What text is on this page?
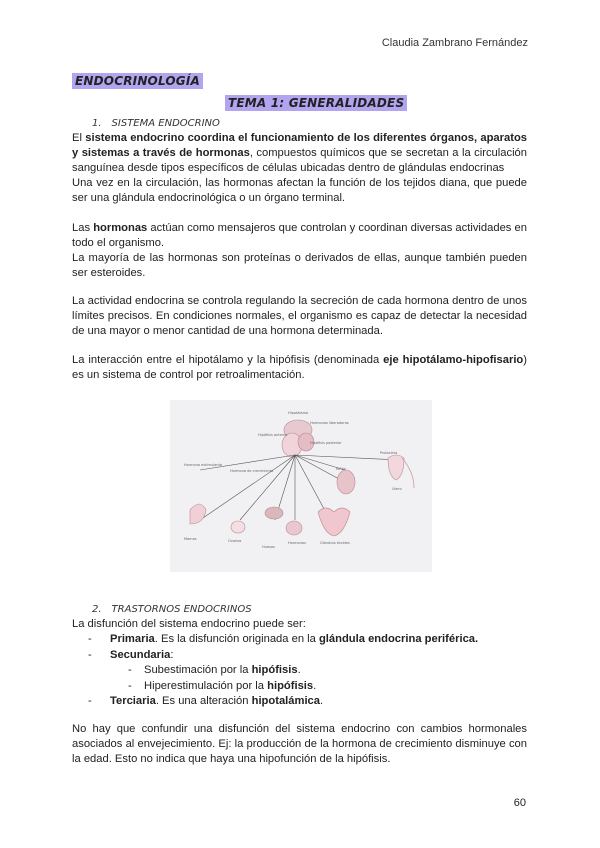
Claudia Zambrano Fernández
ENDOCRINOLOGÍA
TEMA 1: GENERALIDADES
1. SISTEMA ENDOCRINO
El sistema endocrino coordina el funcionamiento de los diferentes órganos, aparatos y sistemas a través de hormonas, compuestos químicos que se secretan a la circulación sanguínea desde tipos específicos de células ubicadas dentro de glándulas endocrinas
Una vez en la circulación, las hormonas afectan la función de los tejidos diana, que puede ser una glándula endocrinológica o un órgano terminal.
Las hormonas actúan como mensajeros que controlan y coordinan diversas actividades en todo el organismo.
La mayoría de las hormonas son proteínas o derivados de ellas, aunque también pueden ser esteroides.
La actividad endocrina se controla regulando la secreción de cada hormona dentro de unos límites precisos. En condiciones normales, el organismo es capaz de detectar la necesidad de una mayor o menor cantidad de una hormona determinada.
La interacción entre el hipotálamo y la hipófisis (denominada eje hipotálamo-hipofisario) es un sistema de control por retroalimentación.
Hipotálamo
Hormonas liberadoras
Hipófisis anterior
Hipófisis posterior
Hormona estimulante
Hormona de crecimiento	Riñón
Prolactina
Mamas	Ovarios
Huesos
Hormonas	Glándula tiroides
Útero
2. TRASTORNOS ENDOCRINOS
La disfunción del sistema endocrino puede ser:
- Primaria. Es la disfunción originada en la glándula endocrina periférica.
- Secundaria:
- Subestimación por la hipófisis.
- Hiperestimulación por la hipófisis.
- Terciaria. Es una alteración hipotalámica.
No hay que confundir una disfunción del sistema endocrino con cambios hormonales asociados al envejecimiento. Ej: la producción de la hormona de crecimiento disminuye con la edad. Esto no indica que haya una hipofunción de la hipófisis.
60
